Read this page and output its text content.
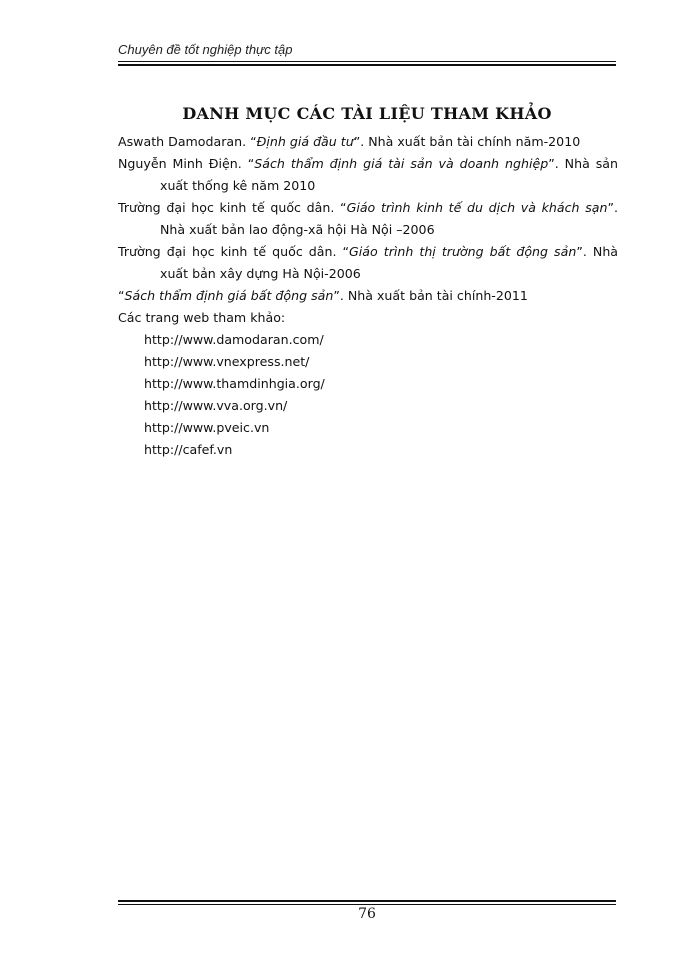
Chuyên đề tốt nghiệp thực tập
DANH MỤC CÁC TÀI LIỆU THAM KHẢO

Aswath Damodaran. “Định giá đầu tư”. Nhà xuất bản tài chính năm-2010

Nguyễn Minh Điện. “Sách thẩm định giá tài sản và doanh nghiệp”. Nhà sản xuất thống kê năm 2010

Trường đại học kinh tế quốc dân. “Giáo trình kinh tế du dịch và khách sạn”. Nhà xuất bản lao động-xã hội Hà Nội –2006

Trường đại học kinh tế quốc dân. “Giáo trình thị trường bất động sản”. Nhà xuất bản xây dựng Hà Nội-2006

“Sách thẩm định giá bất động sản”. Nhà xuất bản tài chính-2011

Các trang web tham khảo:

http://www.damodaran.com/
http://www.vnexpress.net/
http://www.thamdinhgia.org/
http://www.vva.org.vn/
http://www.pveic.vn
http://cafef.vn
76
